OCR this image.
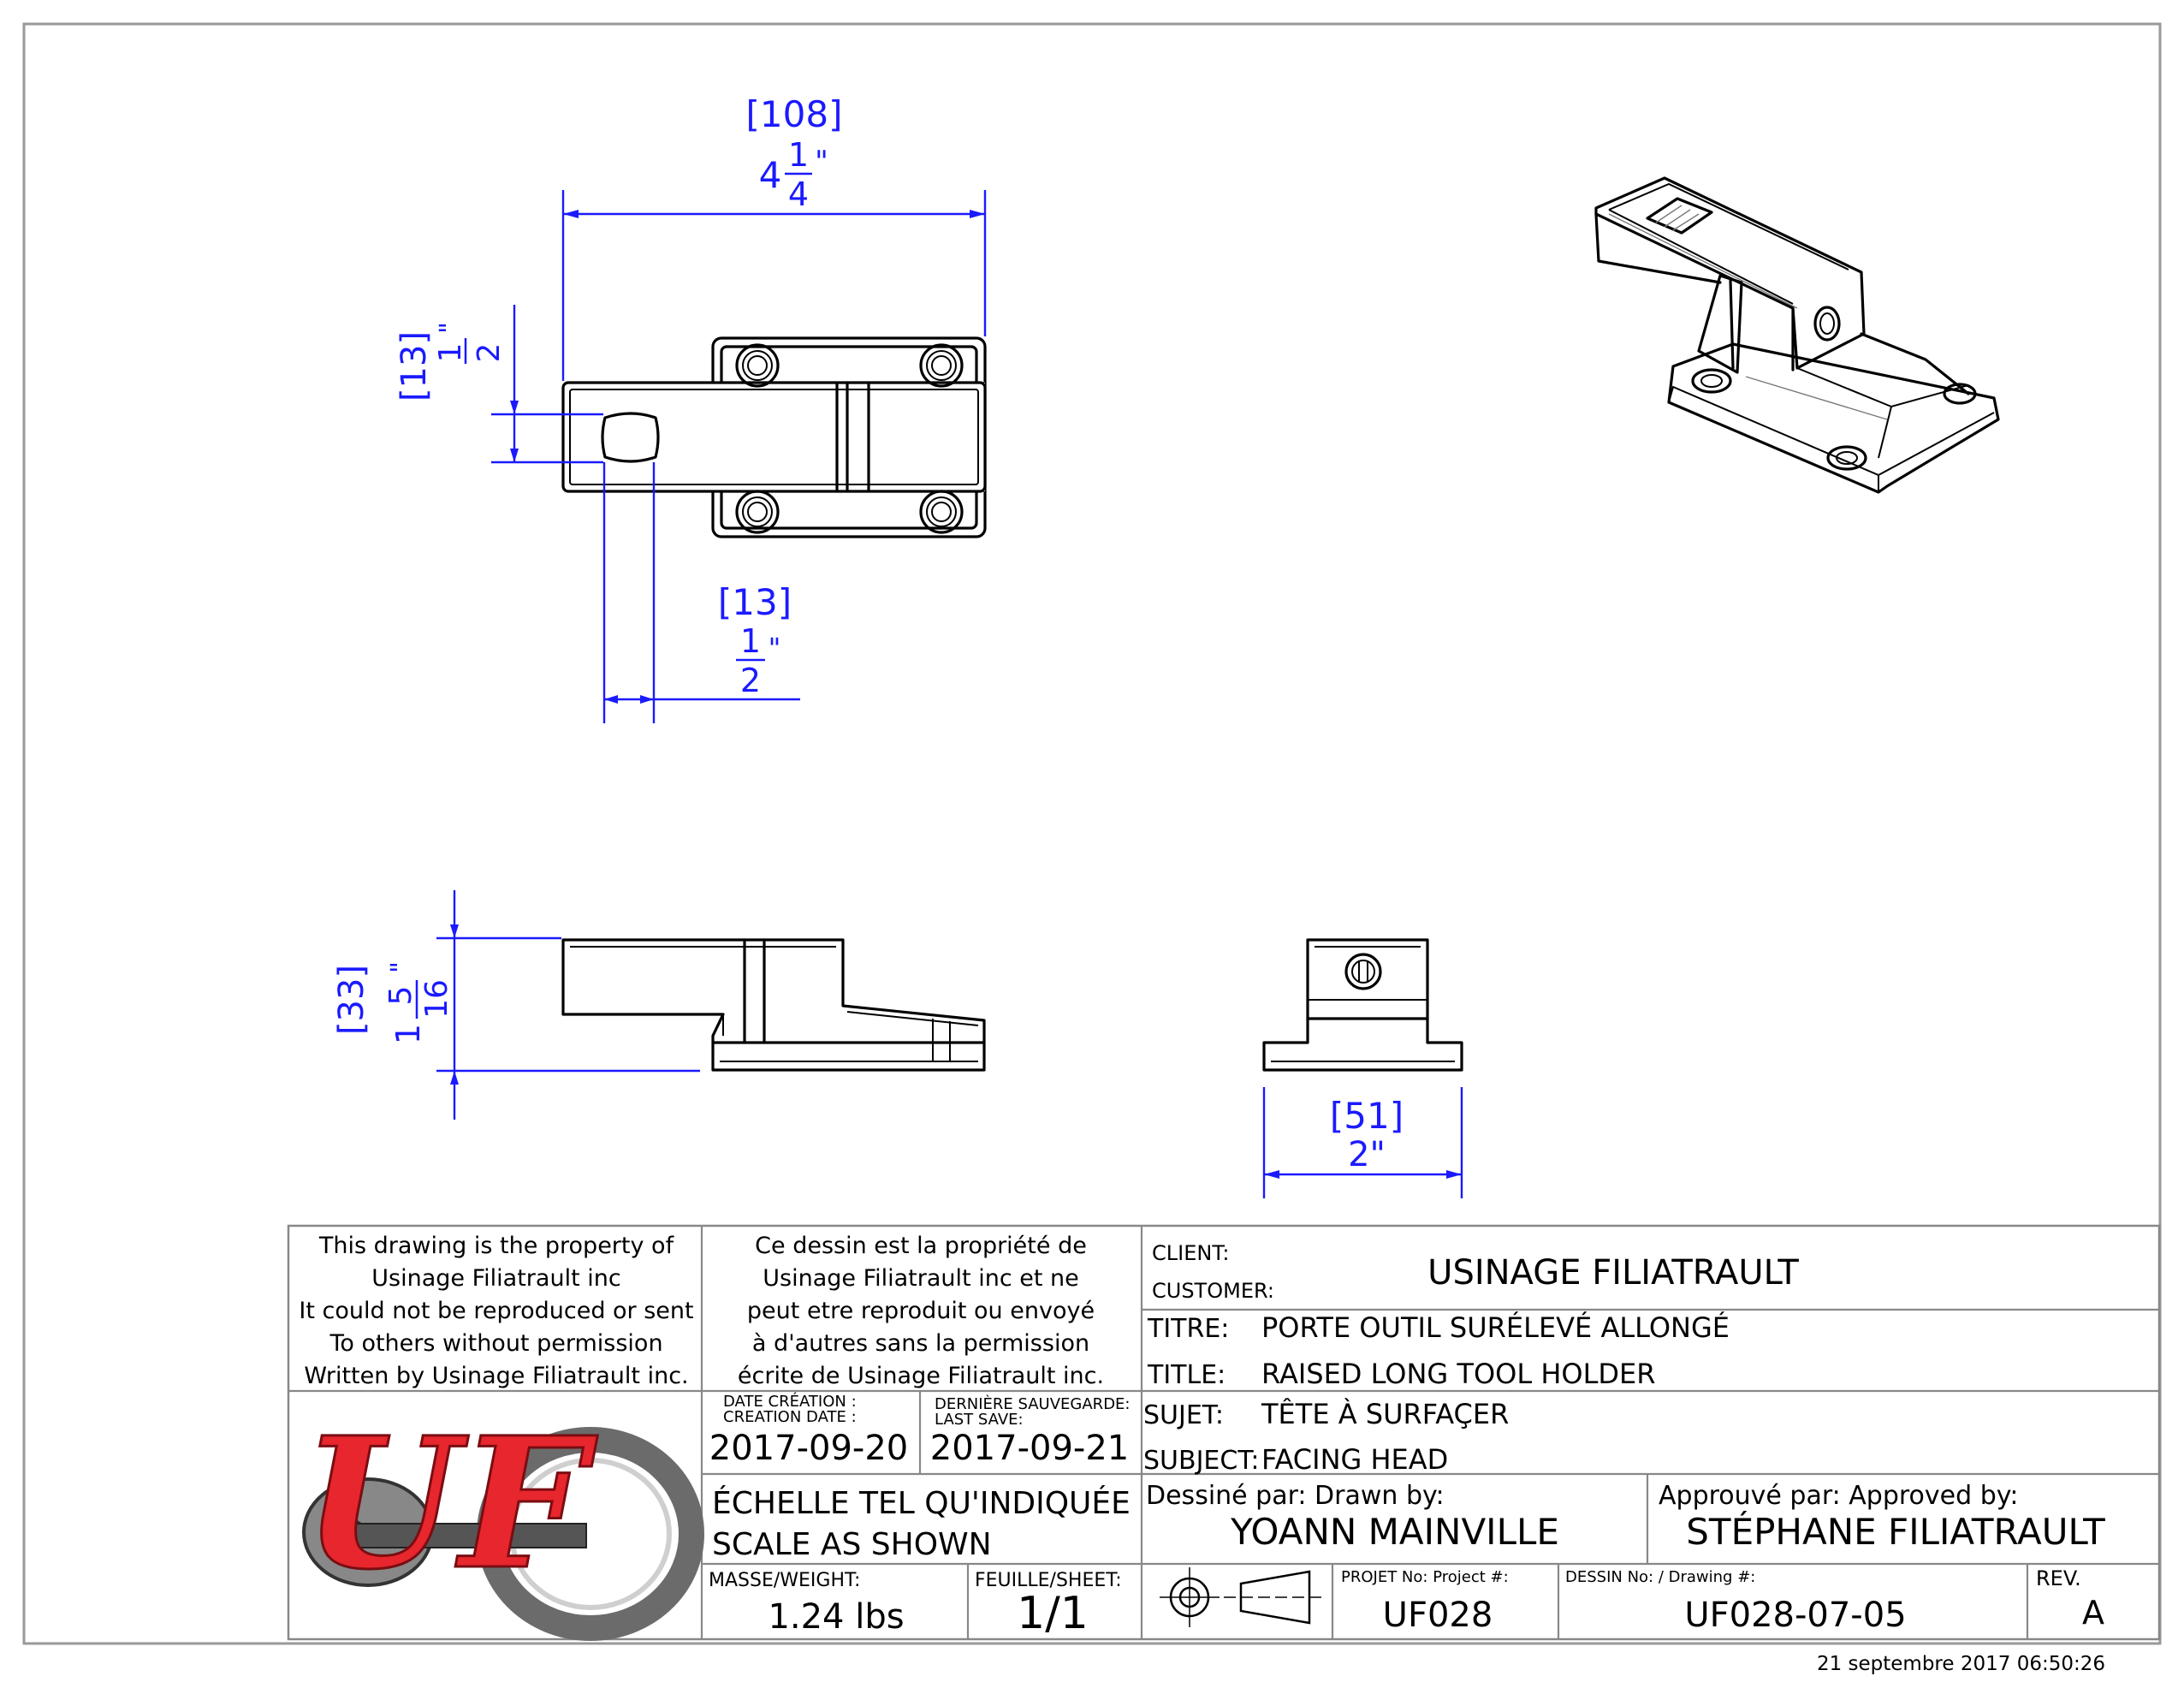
[108]
4 1
4
"
[13] 1 2
"
[13]
1
2
"
[33] 1
5 16
"
[51]
2"
This drawing is the property of
Usinage Filiatrault inc
It could not be reproduced or sent
To others without permission
Written by Usinage Filiatrault inc.
Ce dessin est la propriété de
Usinage Filiatrault inc et ne
peut etre reproduit ou envoyé
à d'autres sans la permission
écrite de Usinage Filiatrault inc.
UF	DATE CRÉATION :
CREATION DATE :
2017-09-20
DERNIÈRE SAUVEGARDE:
LAST SAVE:
2017-09-21
ÉCHELLE TEL QU'INDIQUÉE
SCALE AS SHOWN
MASSE/WEIGHT:
1.24 lbs
FEUILLE/SHEET:
1/1
CLIENT:
CUSTOMER:	USINAGE FILIATRAULT
TITRE: PORTE OUTIL SURÉLEVÉ ALLONGÉ
TITLE: RAISED LONG TOOL HOLDER
SUJET: TÊTE À SURFAÇER
SUBJECT: FACING HEAD
Dessiné par: Drawn by:
YOANN MAINVILLE
Approuvé par: Approved by:
STÉPHANE FILIATRAULT
PROJET No: Project #:
UF028
DESSIN No: / Drawing #:
UF028-07-05
REV.
A
21 septembre 2017 06:50:26
